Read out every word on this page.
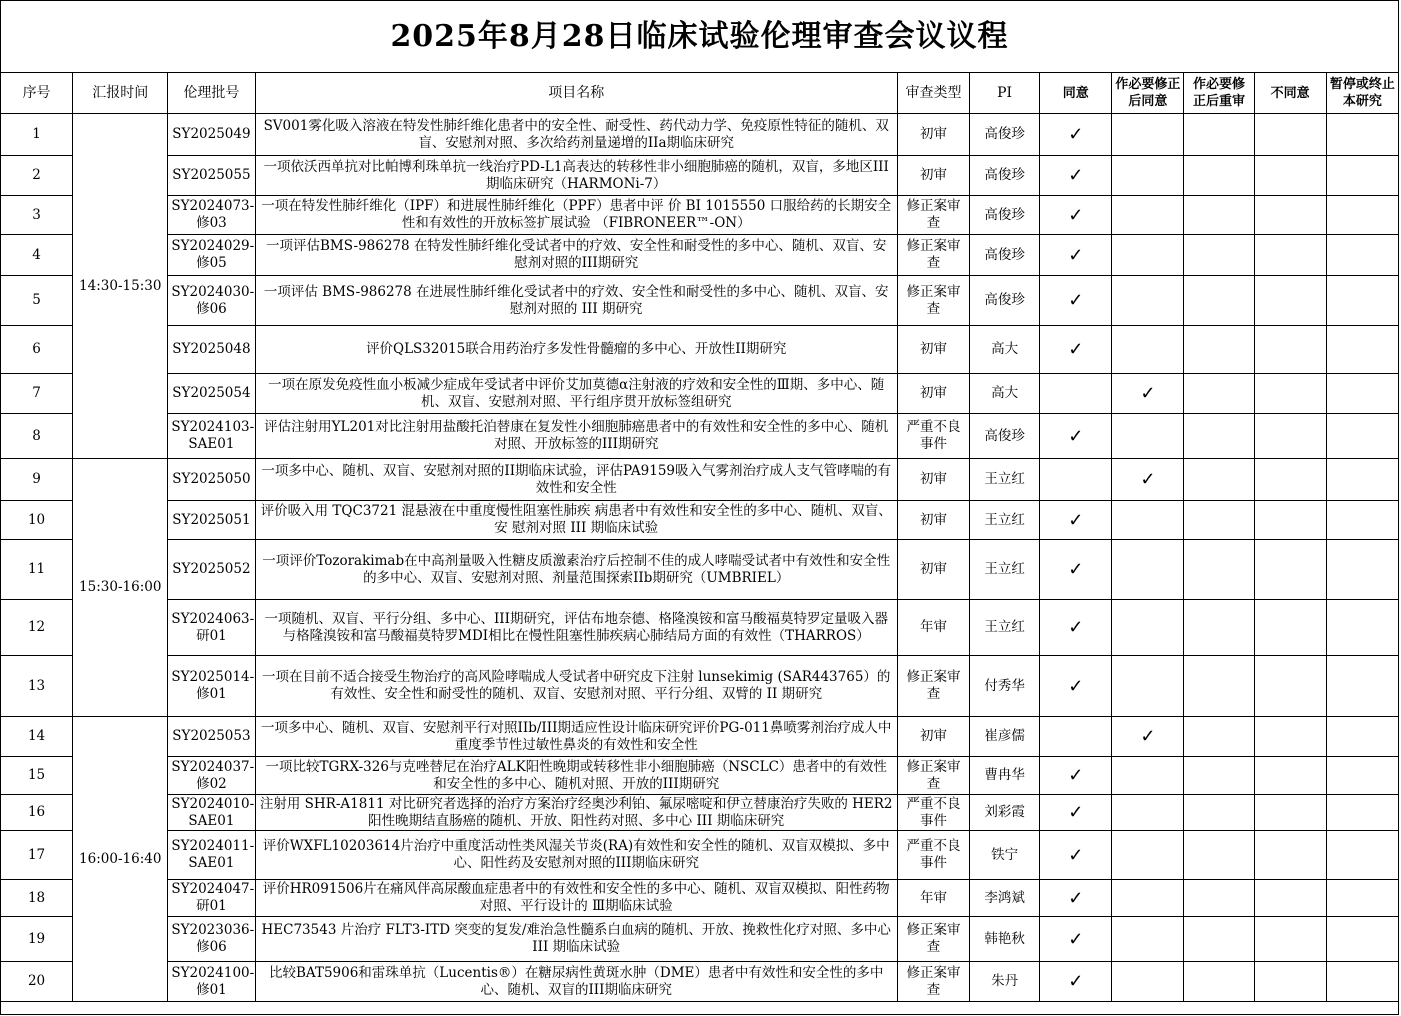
2025年8月28日临床试验伦理审查会议议程
序号	汇报时间	伦理批号	项目名称	审查类型	PI	同意	作必要修正后同意	作必要修正后重审	不同意	暂停或终止本研究
1	14:30-15:30	SY2025049	SV001雾化吸入溶液在特发性肺纤维化患者中的安全性、耐受性、药代动力学、免疫原性特征的随机、双盲、安慰剂对照、多次给药剂量递增的IIa期临床研究	初审	高俊珍	✓				
2		SY2025055	一项依沃西单抗对比帕博利珠单抗一线治疗PD-L1高表达的转移性非小细胞肺癌的随机，双盲，多地区III期临床研究（HARMONi-7）	初审	高俊珍	✓				
3		SY2024073-修03	一项在特发性肺纤维化（IPF）和进展性肺纤维化（PPF）患者中评 价 BI 1015550 口服给药的长期安全性和有效性的开放标签扩展试验 （FIBRONEER™-ON）	修正案审查	高俊珍	✓				
4		SY2024029-修05	一项评估BMS-986278 在特发性肺纤维化受试者中的疗效、安全性和耐受性的多中心、随机、双盲、安慰剂对照的III期研究	修正案审查	高俊珍	✓				
5		SY2024030-修06	一项评估 BMS-986278 在进展性肺纤维化受试者中的疗效、安全性和耐受性的多中心、随机、双盲、安慰剂对照的 III 期研究	修正案审查	高俊珍	✓				
6		SY2025048	评价QLS32015联合用药治疗多发性骨髓瘤的多中心、开放性II期研究	初审	高大	✓				
7		SY2025054	一项在原发免疫性血小板减少症成年受试者中评价艾加莫德α注射液的疗效和安全性的Ⅲ期、多中心、随机、双盲、安慰剂对照、平行组序贯开放标签组研究	初审	高大		✓			
8		SY2024103-SAE01	评估注射用YL201对比注射用盐酸托泊替康在复发性小细胞肺癌患者中的有效性和安全性的多中心、随机对照、开放标签的III期研究	严重不良事件	高俊珍	✓				
9	15:30-16:00	SY2025050	一项多中心、随机、双盲、安慰剂对照的II期临床试验，评估PA9159吸入气雾剂治疗成人支气管哮喘的有效性和安全性	初审	王立红		✓			
10		SY2025051	评价吸入用 TQC3721 混悬液在中重度慢性阻塞性肺疾 病患者中有效性和安全性的多中心、随机、双盲、安 慰剂对照 III 期临床试验	初审	王立红	✓				
11		SY2025052	一项评价Tozorakimab在中高剂量吸入性糖皮质激素治疗后控制不佳的成人哮喘受试者中有效性和安全性的多中心、双盲、安慰剂对照、剂量范围探索IIb期研究（UMBRIEL）	初审	王立红	✓				
12		SY2024063-研01	一项随机、双盲、平行分组、多中心、III期研究，评估布地奈德、格隆溴铵和富马酸福莫特罗定量吸入器与格隆溴铵和富马酸福莫特罗MDI相比在慢性阻塞性肺疾病心肺结局方面的有效性（THARROS）	年审	王立红	✓				
13		SY2025014-修01	一项在目前不适合接受生物治疗的高风险哮喘成人受试者中研究皮下注射 lunsekimig (SAR443765）的有效性、安全性和耐受性的随机、双盲、安慰剂对照、平行分组、双臂的 II 期研究	修正案审查	付秀华	✓				
14	16:00-16:40	SY2025053	一项多中心、随机、双盲、安慰剂平行对照IIb/III期适应性设计临床研究评价PG-011鼻喷雾剂治疗成人中重度季节性过敏性鼻炎的有效性和安全性	初审	崔彦儒		✓			
15		SY2024037-修02	一项比较TGRX-326与克唑替尼在治疗ALK阳性晚期或转移性非小细胞肺癌（NSCLC）患者中的有效性和安全性的多中心、随机对照、开放的III期研究	修正案审查	曹冉华	✓				
16		SY2024010-SAE01	注射用 SHR-A1811 对比研究者选择的治疗方案治疗经奥沙利铂、氟尿嘧啶和伊立替康治疗失败的 HER2 阳性晚期结直肠癌的随机、开放、阳性药对照、多中心 III 期临床研究	严重不良事件	刘彩霞	✓				
17		SY2024011-SAE01	评价WXFL10203614片治疗中重度活动性类风湿关节炎(RA)有效性和安全性的随机、双盲双模拟、多中心、阳性药及安慰剂对照的III期临床研究	严重不良事件	铁宁	✓				
18		SY2024047-研01	评价HR091506片在痛风伴高尿酸血症患者中的有效性和安全性的多中心、随机、双盲双模拟、阳性药物对照、平行设计的 Ⅲ期临床试验	年审	李鸿斌	✓				
19		SY2023036-修06	HEC73543 片治疗 FLT3-ITD 突变的复发/难治急性髓系白血病的随机、开放、挽救性化疗对照、多中心 III 期临床试验	修正案审查	韩艳秋	✓				
20		SY2024100-修01	比较BAT5906和雷珠单抗（Lucentis®）在糖尿病性黄斑水肿（DME）患者中有效性和安全性的多中心、随机、双盲的III期临床研究	修正案审查	朱丹	✓				
